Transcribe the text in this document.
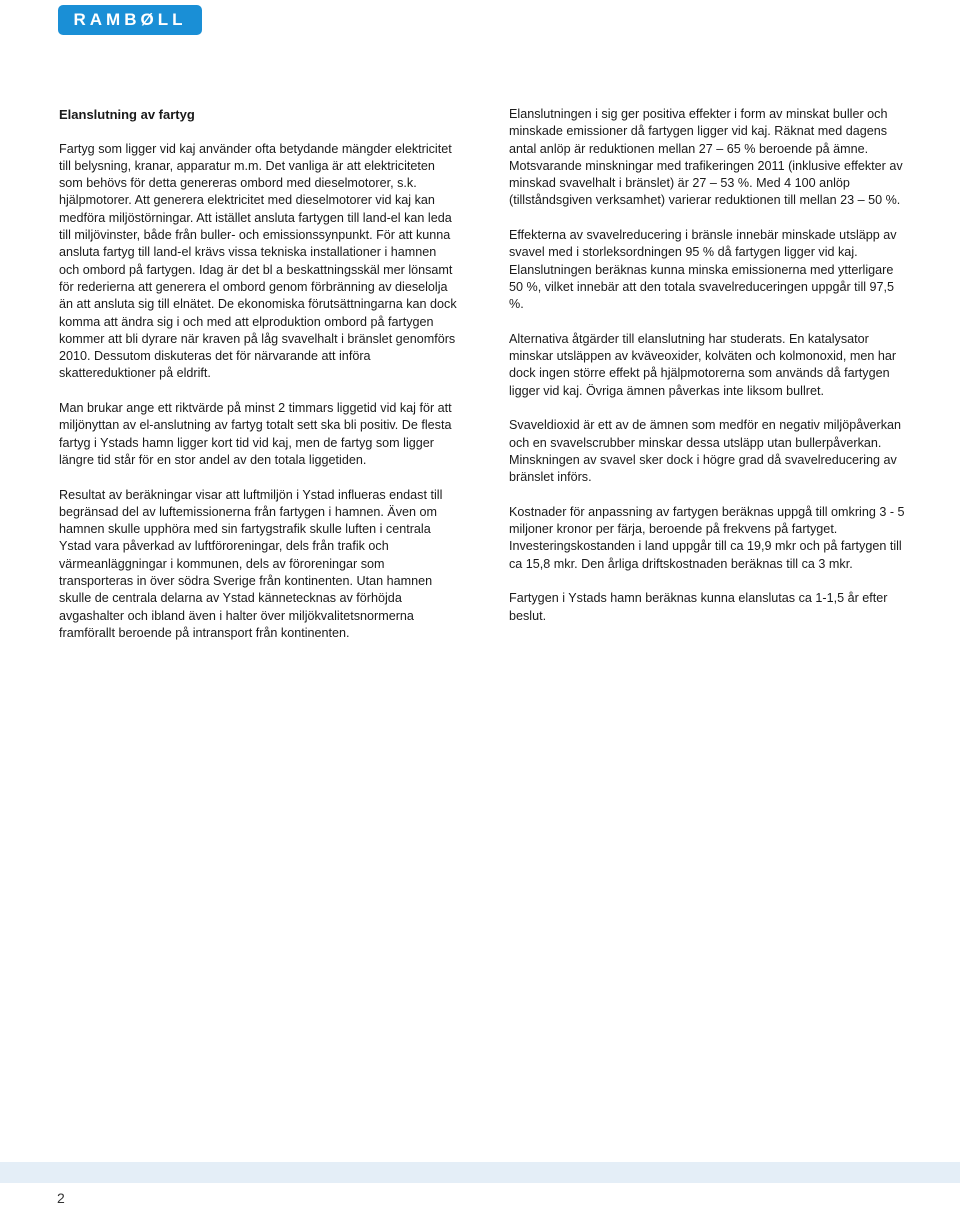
RAMBØLL

Elanslutning av fartyg

Fartyg som ligger vid kaj använder ofta betydande mängder elektricitet till belysning, kranar, apparatur m.m. Det vanliga är att elektriciteten som behövs för detta genereras ombord med dieselmotorer, s.k. hjälpmotorer. Att generera elektricitet med dieselmotorer vid kaj kan medföra miljöstörningar. Att istället ansluta fartygen till land-el kan leda till miljövinster, både från buller- och emissionssynpunkt. För att kunna ansluta fartyg till land-el krävs vissa tekniska installationer i hamnen och ombord på fartygen. Idag är det bl a beskattningsskäl mer lönsamt för rederierna att generera el ombord genom förbränning av dieselolja än att ansluta sig till elnätet. De ekonomiska förutsättningarna kan dock komma att ändra sig i och med att elproduktion ombord på fartygen kommer att bli dyrare när kraven på låg svavelhalt i bränslet genomförs 2010. Dessutom diskuteras det för närvarande att införa skattereduktioner på eldrift.

Man brukar ange ett riktvärde på minst 2 timmars liggetid vid kaj för att miljönyttan av el-anslutning av fartyg totalt sett ska bli positiv. De flesta fartyg i Ystads hamn ligger kort tid vid kaj, men de fartyg som ligger längre tid står för en stor andel av den totala liggetiden.

Resultat av beräkningar visar att luftmiljön i Ystad influeras endast till begränsad del av luftemissionerna från fartygen i hamnen. Även om hamnen skulle upphöra med sin fartygstrafik skulle luften i centrala Ystad vara påverkad av luftföroreningar, dels från trafik och värmeanläggningar i kommunen, dels av föroreningar som transporteras in över södra Sverige från kontinenten. Utan hamnen skulle de centrala delarna av Ystad kännetecknas av förhöjda avgashalter och ibland även i halter över miljökvalitetsnormerna framförallt beroende på intransport från kontinenten.

Elanslutningen i sig ger positiva effekter i form av minskat buller och minskade emissioner då fartygen ligger vid kaj. Räknat med dagens antal anlöp är reduktionen mellan 27 – 65 % beroende på ämne. Motsvarande minskningar med trafikeringen 2011 (inklusive effekter av minskad svavelhalt i bränslet) är 27 – 53 %. Med 4 100 anlöp (tillståndsgiven verksamhet) varierar reduktionen till mellan 23 – 50 %.

Effekterna av svavelreducering i bränsle innebär minskade utsläpp av svavel med i storleksordningen 95 % då fartygen ligger vid kaj. Elanslutningen beräknas kunna minska emissionerna med ytterligare 50 %, vilket innebär att den totala svavelreduceringen uppgår till 97,5 %.

Alternativa åtgärder till elanslutning har studerats. En katalysator minskar utsläppen av kväveoxider, kolväten och kolmonoxid, men har dock ingen större effekt på hjälpmotorerna som används då fartygen ligger vid kaj. Övriga ämnen påverkas inte liksom bullret.

Svaveldioxid är ett av de ämnen som medför en negativ miljöpåverkan och en svavelscrubber minskar dessa utsläpp utan bullerpåverkan. Minskningen av svavel sker dock i högre grad då svavelreducering av bränslet införs.

Kostnader för anpassning av fartygen beräknas uppgå till omkring 3 - 5 miljoner kronor per färja, beroende på frekvens på fartyget. Investeringskostanden i land uppgår till ca 19,9 mkr och på fartygen till ca 15,8 mkr. Den årliga driftskostnaden beräknas till ca 3 mkr.

Fartygen i Ystads hamn beräknas kunna elanslutas ca 1-1,5 år efter beslut.

2
